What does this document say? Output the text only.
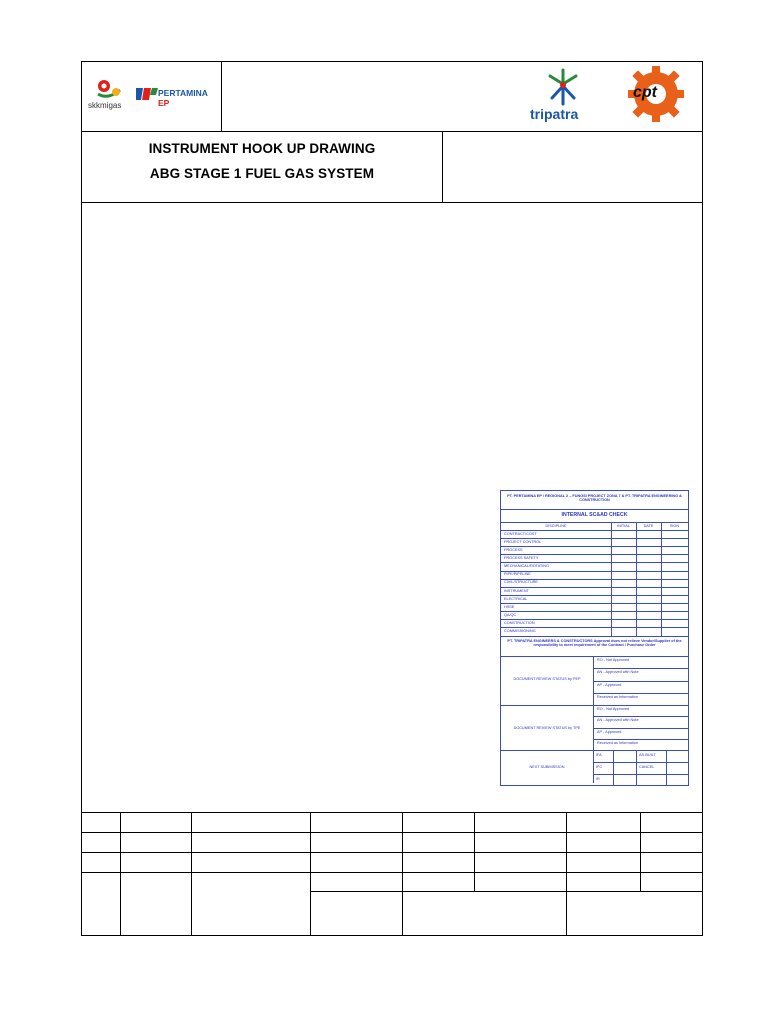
skkmigas
PERTAMINA EP
tripatra
cpt
INSTRUMENT HOOK UP DRAWING
ABG STAGE 1 FUEL GAS SYSTEM
PT. PERTAMINA EP / REGIONAL 2 – FUNGSI PROJECT ZONA 7 & PT. TRIPATRA ENGINEERING & CONSTRUCTION
INTERNAL SC&AD CHECK
DISCIPLINE	INITIAL	DATE	SIGN
CONTRACT/COST
PROJECT CONTROL
PROCESS
PROCESS SAFETY
MECHANICAL/ROTATING
PIPE/PIPELINE
CIVIL/STRUCTURE
INSTRUMENT
ELECTRICAL
HSSE
QA/QC
CONSTRUCTION
COMMISSIONING
PT. TRIPATRA ENGINEERS & CONSTRUCTORS Approval does not relieve Vendor/Supplier of the responsibility to meet requirement of the Contract / Purchase Order
DOCUMENT REVIEW STATUS by PEP
RO - Not Approved
AN - Approved with Note
AP - Approved
Received as Information
DOCUMENT REVIEW STATUS by TPE
RO - Not Approved
AN - Approved with Note
AP - Approved
Received as Information
NEXT SUBMISSION
IFA	AS-BUILT
IFC	CANCEL
IR
